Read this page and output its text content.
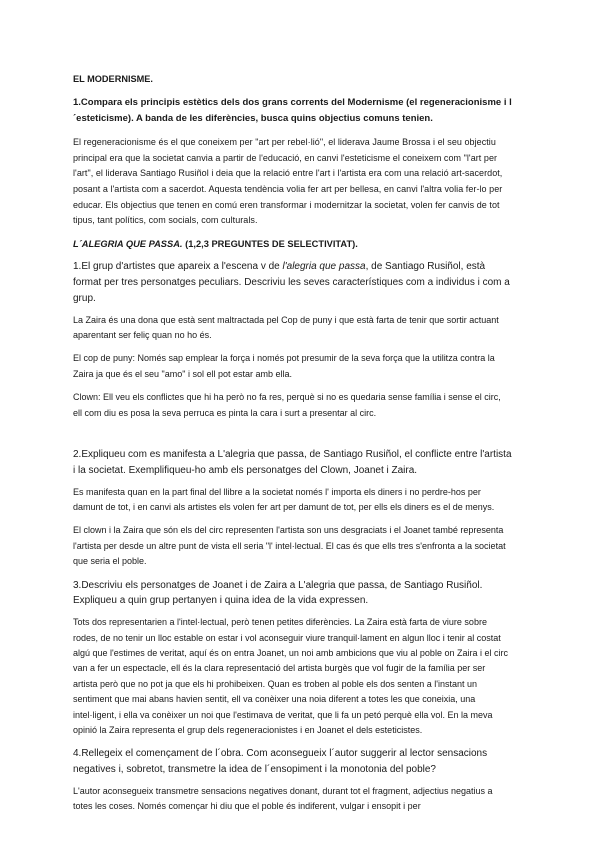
EL MODERNISME.

1.Compara els principis estètics dels dos grans corrents del Modernisme (el regeneracionisme i l´esteticisme). A banda de les diferències, busca quins objectius comuns tenien.

El regeneracionisme és el que coneixem per "art per rebel·lió", el liderava Jaume Brossa i el seu objectiu principal era que la societat canvia a partir de l'educació, en canvi l'esteticisme el coneixem com "l'art per l'art", el liderava Santiago Rusiñol i deia que la relació entre l'art i l'artista era com una relació art-sacerdot, posant a l'artista com a sacerdot. Aquesta tendència volia fer art per bellesa, en canvi l'altra volia fer-lo per educar. Els objectius que tenen en comú eren transformar i modernitzar la societat, volen fer canvis de tot tipus, tant polítics, com socials, com culturals.

L´ALEGRIA QUE PASSA. (1,2,3 PREGUNTES DE SELECTIVITAT).

1.El grup d'artistes que apareix a l'escena v de l'alegria que passa, de Santiago Rusiñol, està format per tres personatges peculiars. Descriviu les seves característiques com a individus i com a grup.

La Zaira és una dona que està sent maltractada pel Cop de puny i que està farta de tenir que sortir actuant aparentant ser feliç quan no ho és.

El cop de puny: Només sap emplear la força i només pot presumir de la seva força que la utilitza contra la Zaira ja que és el seu "amo" i sol ell pot estar amb ella.

Clown: Ell veu els conflictes que hi ha però no fa res, perquè si no es quedaria sense família i sense el circ, ell com diu es posa la seva perruca es pinta la cara i surt a presentar al circ.

2.Expliqueu com es manifesta a L'alegria que passa, de Santiago Rusiñol, el conflicte entre l'artista i la societat. Exemplifiqueu-ho amb els personatges del Clown, Joanet i Zaira.

Es manifesta quan en la part final del llibre a la societat només l' importa els diners i no perdre-hos per damunt de tot, i en canvi als artistes els volen fer art per damunt de tot, per ells els diners es el de menys.

El clown i la Zaira que són els del circ representen l'artista son uns desgraciats i el Joanet també representa l'artista per desde un altre punt de vista ell seria "l' intel·lectual. El cas és que ells tres s'enfronta a la societat que seria el poble.

3.Descriviu els personatges de Joanet i de Zaira a L'alegria que passa, de Santiago Rusiñol. Expliqueu a quin grup pertanyen i quina idea de la vida expressen.

Tots dos representarien a l'intel·lectual, però tenen petites diferències. La Zaira està farta de viure sobre rodes, de no tenir un lloc estable on estar i vol aconseguir viure tranquil·lament en algun lloc i tenir al costat algú que l'estimes de veritat, aquí és on entra Joanet, un noi amb ambicions que viu al poble on Zaira i el circ van a fer un espectacle, ell és la clara representació del artista burgès que vol fugir de la família per ser artista però que no pot ja que els hi prohibeixen. Quan es troben al poble els dos senten a l'instant un sentiment que mai abans havien sentit, ell va conèixer una noia diferent a totes les que coneixia, una intel·ligent, i ella va conèixer un noi que l'estimava de veritat, que li fa un petó perquè ella vol. En la meva opinió la Zaira representa el grup dels regeneracionistes i en Joanet el dels esteticistes.

4.Rellegeix el començament de l´obra. Com aconsegueix l´autor suggerir al lector sensacions negatives i, sobretot, transmetre la idea de l´ensopiment i la monotonia del poble?

L'autor aconsegueix transmetre sensacions negatives donant, durant tot el fragment, adjectius negatius a totes les coses. Només començar hi diu que el poble és indiferent, vulgar i ensopit i per
